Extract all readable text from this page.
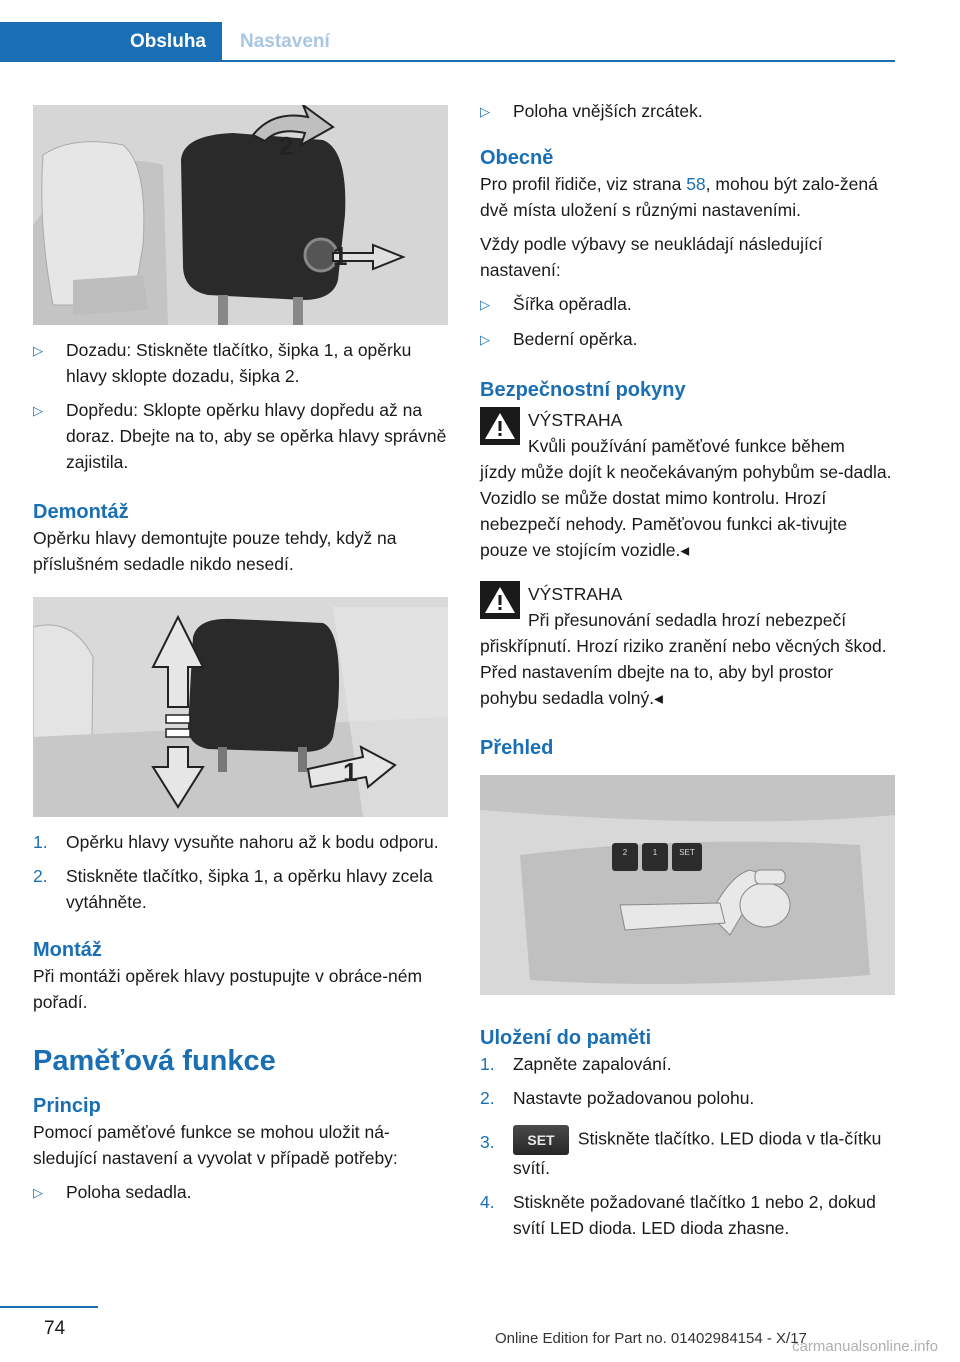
Obsluha	Nastavení
2
1
▷	Dozadu: Stiskněte tlačítko, šipka 1, a opěrku hlavy sklopte dozadu, šipka 2.
▷	Dopředu: Sklopte opěrku hlavy dopředu až na doraz. Dbejte na to, aby se opěrka hlavy správně zajistila.
Demontáž

Opěrku hlavy demontujte pouze tehdy, když na příslušném sedadle nikdo nesedí.

1
1.	Opěrku hlavy vysuňte nahoru až k bodu odporu.
2.	Stiskněte tlačítko, šipka 1, a opěrku hlavy zcela vytáhněte.
Montáž

Při montáži opěrek hlavy postupujte v obráce-ném pořadí.

Paměťová funkce
Princip

Pomocí paměťové funkce se mohou uložit ná-sledující nastavení a vyvolat v případě potřeby:

▷	Poloha sedadla.
▷	Poloha vnějších zrcátek.
Obecně

Pro profil řidiče, viz strana 58, mohou být zalo-žená dvě místa uložení s různými nastaveními.

Vždy podle výbavy se neukládají následující nastavení:

▷	Šířka opěradla.
▷	Bederní opěrka.
Bezpečnostní pokyny
VÝSTRAHA
Kvůli používání paměťové funkce během

jízdy může dojít k neočekávaným pohybům se-dadla. Vozidlo se může dostat mimo kontrolu. Hrozí nebezpečí nehody. Paměťovou funkci ak-tivujte pouze ve stojícím vozidle.◂

VÝSTRAHA
Při přesunování sedadla hrozí nebezpečí

přiskřípnutí. Hrozí riziko zranění nebo věcných škod. Před nastavením dbejte na to, aby byl prostor pohybu sedadla volný.◂

Přehled
2	1	SET
Uložení do paměti
1.	Zapněte zapalování.
2.	Nastavte požadovanou polohu.
3.	SET Stiskněte tlačítko. LED dioda v tla-čítku svítí.
4.	Stiskněte požadované tlačítko 1 nebo 2, dokud svítí LED dioda. LED dioda zhasne.
74	Online Edition for Part no. 01402984154 - X/17
carmanualsonline.info
